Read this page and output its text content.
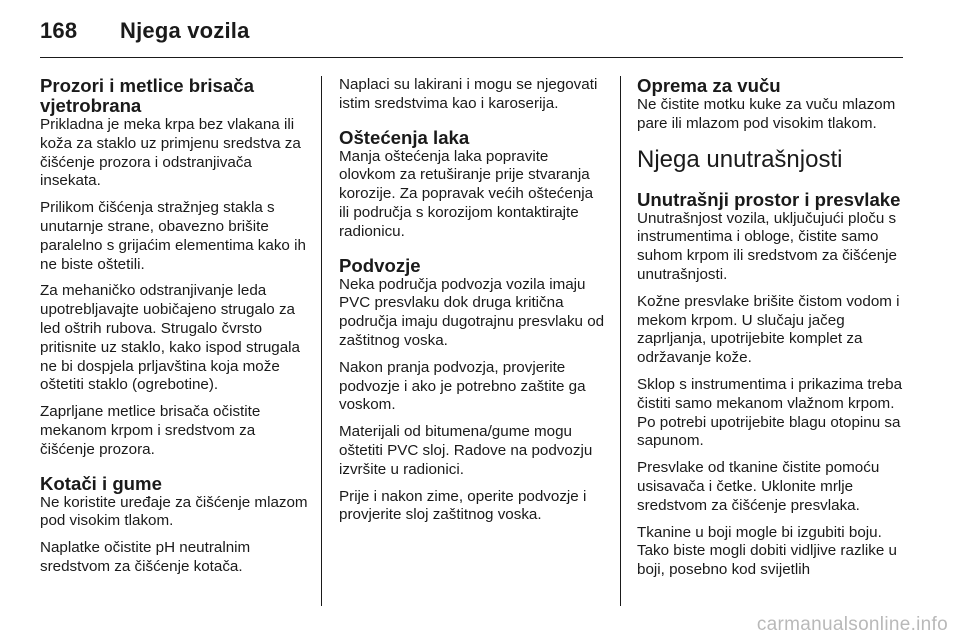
168 Njega vozila
Prozori i metlice brisača vjetrobrana

Prikladna je meka krpa bez vlakana ili koža za staklo uz primjenu sredstva za čišćenje prozora i odstranjivača insekata.

Prilikom čišćenja stražnjeg stakla s unutarnje strane, obavezno brišite paralelno s grijaćim elementima kako ih ne biste oštetili.

Za mehaničko odstranjivanje leda upotrebljavajte uobičajeno strugalo za led oštrih rubova. Strugalo čvrsto pritisnite uz staklo, kako ispod strugala ne bi dospjela prljavština koja može oštetiti staklo (ogrebotine).

Zaprljane metlice brisača očistite mekanom krpom i sredstvom za čišćenje prozora.

Kotači i gume

Ne koristite uređaje za čišćenje mlazom pod visokim tlakom.

Naplatke očistite pH neutralnim sredstvom za čišćenje kotača.

Naplaci su lakirani i mogu se njegovati istim sredstvima kao i karoserija.

Oštećenja laka

Manja oštećenja laka popravite olovkom za retuširanje prije stvaranja korozije. Za popravak većih oštećenja ili područja s korozijom kontaktirajte radionicu.

Podvozje

Neka područja podvozja vozila imaju PVC presvlaku dok druga kritična područja imaju dugotrajnu presvlaku od zaštitnog voska.

Nakon pranja podvozja, provjerite podvozje i ako je potrebno zaštite ga voskom.

Materijali od bitumena/gume mogu oštetiti PVC sloj. Radove na podvozju izvršite u radionici.

Prije i nakon zime, operite podvozje i provjerite sloj zaštitnog voska.

Oprema za vuču

Ne čistite motku kuke za vuču mlazom pare ili mlazom pod visokim tlakom.

Njega unutrašnjosti
Unutrašnji prostor i presvlake

Unutrašnjost vozila, uključujući ploču s instrumentima i obloge, čistite samo suhom krpom ili sredstvom za čišćenje unutrašnjosti.

Kožne presvlake brišite čistom vodom i mekom krpom. U slučaju jačeg zaprljanja, upotrijebite komplet za održavanje kože.

Sklop s instrumentima i prikazima treba čistiti samo mekanom vlažnom krpom. Po potrebi upotrijebite blagu otopinu sa sapunom.

Presvlake od tkanine čistite pomoću usisavača i četke. Uklonite mrlje sredstvom za čišćenje presvlaka.

Tkanine u boji mogle bi izgubiti boju. Tako biste mogli dobiti vidljive razlike u boji, posebno kod svijetlih

carmanualsonline.info
